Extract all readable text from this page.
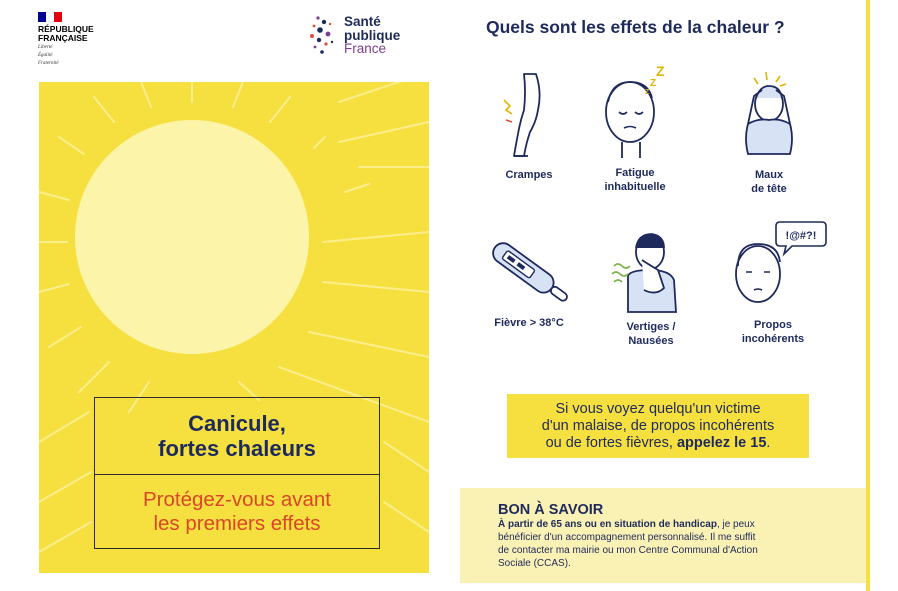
RÉPUBLIQUE
FRANÇAISE
Liberté
Égalité
Fraternité
Santé
publique
France
Canicule,
fortes chaleurs
Protégez-vous avant
les premiers effets
Quels sont les effets de la chaleur ?
Crampes
Z
Z
Z
Fatigue
inhabituelle
Maux
de tête
Fièvre > 38°C	Vertiges /
Nausées
!@#?!
Propos
incohérents
Si vous voyez quelqu'un victime
d'un malaise, de propos incohérents
ou de fortes fièvres, appelez le 15.
BON À SAVOIR
À partir de 65 ans ou en situation de handicap, je peux
bénéficier d'un accompagnement personnalisé. Il me suffit
de contacter ma mairie ou mon Centre Communal d'Action
Sociale (CCAS).
